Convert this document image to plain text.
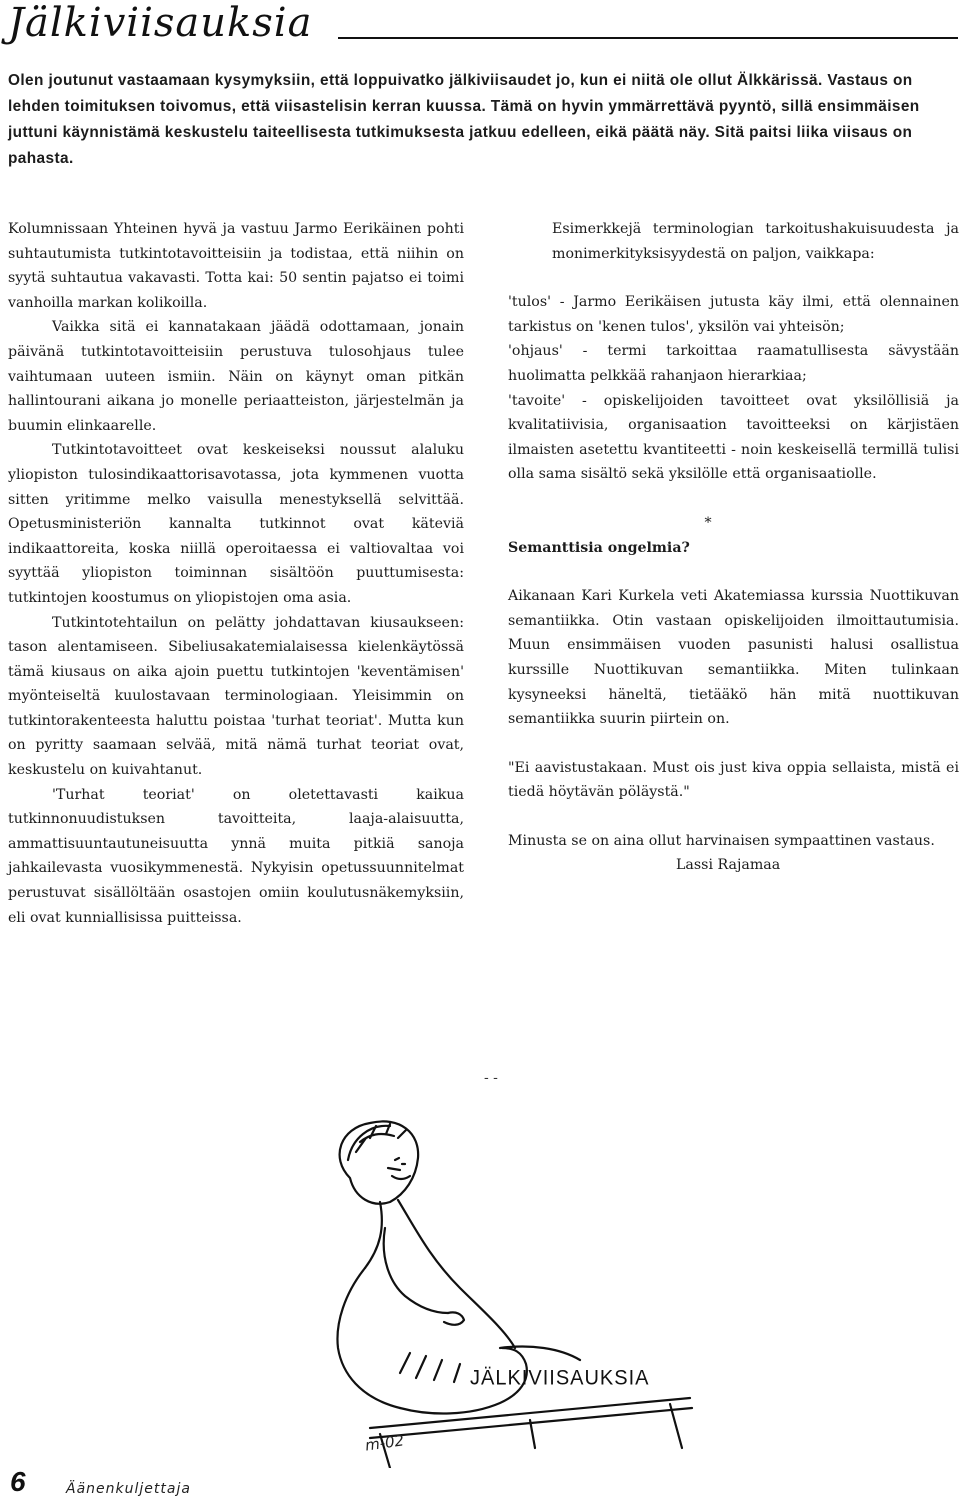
Jälkiviisauksia
Olen joutunut vastaamaan kysymyksiin, että loppuivatko jälkiviisaudet jo, kun ei niitä ole ollut Älkkärissä. Vastaus on lehden toimituksen toivomus, että viisastelisin kerran kuussa. Tämä on hyvin ymmärrettävä pyyntö, sillä ensimmäisen juttuni käynnistämä keskustelu taiteellisesta tutkimuksesta jatkuu edelleen, eikä päätä näy. Sitä paitsi liika viisaus on pahasta.

Kolumnissaan Yhteinen hyvä ja vastuu Jarmo Eerikäinen pohti suhtautumista tutkintotavoitteisiin ja todistaa, että niihin on syytä suhtautua vakavasti. Totta kai: 50 sentin pajatso ei toimi vanhoilla markan kolikoilla.

Vaikka sitä ei kannatakaan jäädä odottamaan, jonain päivänä tutkintotavoitteisiin perustuva tulosohjaus tulee vaihtumaan uuteen ismiin. Näin on käynyt oman pitkän hallintourani aikana jo monelle periaatteiston, järjestelmän ja buumin elinkaarelle.

Tutkintotavoitteet ovat keskeiseksi noussut alaluku yliopiston tulosindikaattorisavotassa, jota kymmenen vuotta sitten yritimme melko vaisulla menestyksellä selvittää. Opetusministeriön kannalta tutkinnot ovat käteviä indikaattoreita, koska niillä operoitaessa ei valtiovaltaa voi syyttää yliopiston toiminnan sisältöön puuttumisesta: tutkintojen koostumus on yliopistojen oma asia.

Tutkintotehtailun on pelätty johdattavan kiusaukseen: tason alentamiseen. Sibeliusakatemialaisessa kielenkäytössä tämä kiusaus on aika ajoin puettu tutkintojen 'keventämisen' myönteiseltä kuulostavaan terminologiaan. Yleisimmin on tutkintorakenteesta haluttu poistaa 'turhat teoriat'. Mutta kun on pyritty saamaan selvää, mitä nämä turhat teoriat ovat, keskustelu on kuivahtanut.

'Turhat teoriat' on oletettavasti kaikua tutkinnonuudistuksen tavoitteita, laaja-alaisuutta, ammattisuuntautuneisuutta ynnä muita pitkiä sanoja jahkailevasta vuosikymmenestä. Nykyisin opetussuunnitelmat perustuvat sisällöltään osastojen omiin koulutusnäkemyksiin, eli ovat kunniallisissa puitteissa.

Esimerkkejä terminologian tarkoitushakuisuudesta ja monimerkityksisyydestä on paljon, vaikkapa:

'tulos' - Jarmo Eerikäisen jutusta käy ilmi, että olennainen tarkistus on 'kenen tulos', yksilön vai yhteisön;

'ohjaus' - termi tarkoittaa raamatullisesta sävystään huolimatta pelkkää rahanjaon hierarkiaa;

'tavoite' - opiskelijoiden tavoitteet ovat yksilöllisiä ja kvalitatiivisia, organisaation tavoitteeksi on kärjistäen ilmaisten asetettu kvantiteetti - noin keskeisellä termillä tulisi olla sama sisältö sekä yksilölle että organisaatiolle.

*

Semanttisia ongelmia?

Aikanaan Kari Kurkela veti Akatemiassa kurssia Nuottikuvan semantiikka. Otin vastaan opiskelijoiden ilmoittautumisia. Muun ensimmäisen vuoden pasunisti halusi osallistua kurssille Nuottikuvan semantiikka. Miten tulinkaan kysyneeksi häneltä, tietääkö hän mitä nuottikuvan semantiikka suurin piirtein on.

"Ei aavistustakaan. Must ois just kiva oppia sellaista, mistä ei tiedä höytävän pöläystä."

Minusta se on aina ollut harvinaisen sympaattinen vastaus.

Lassi Rajamaa

- -
JÄLKIVIISAUKSIA
m-02
6	Äänenkuljettaja
